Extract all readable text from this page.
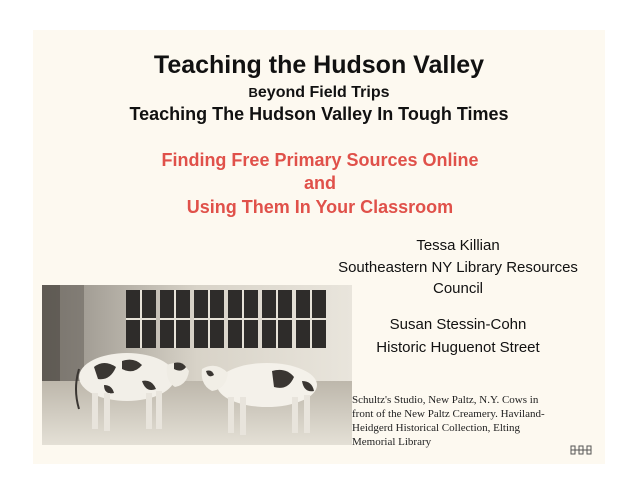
Teaching the Hudson Valley
Beyond Field Trips
Teaching The Hudson Valley In Tough Times
Finding Free Primary Sources Online
and
Using Them In Your Classroom
Tessa Killian
Southeastern NY Library Resources
Council
Susan Stessin-Cohn
Historic Huguenot Street
Schultz's Studio, New Paltz, N.Y. Cows in front of the New Paltz Creamery. Haviland-Heidgerd Historical Collection, Elting Memorial Library
